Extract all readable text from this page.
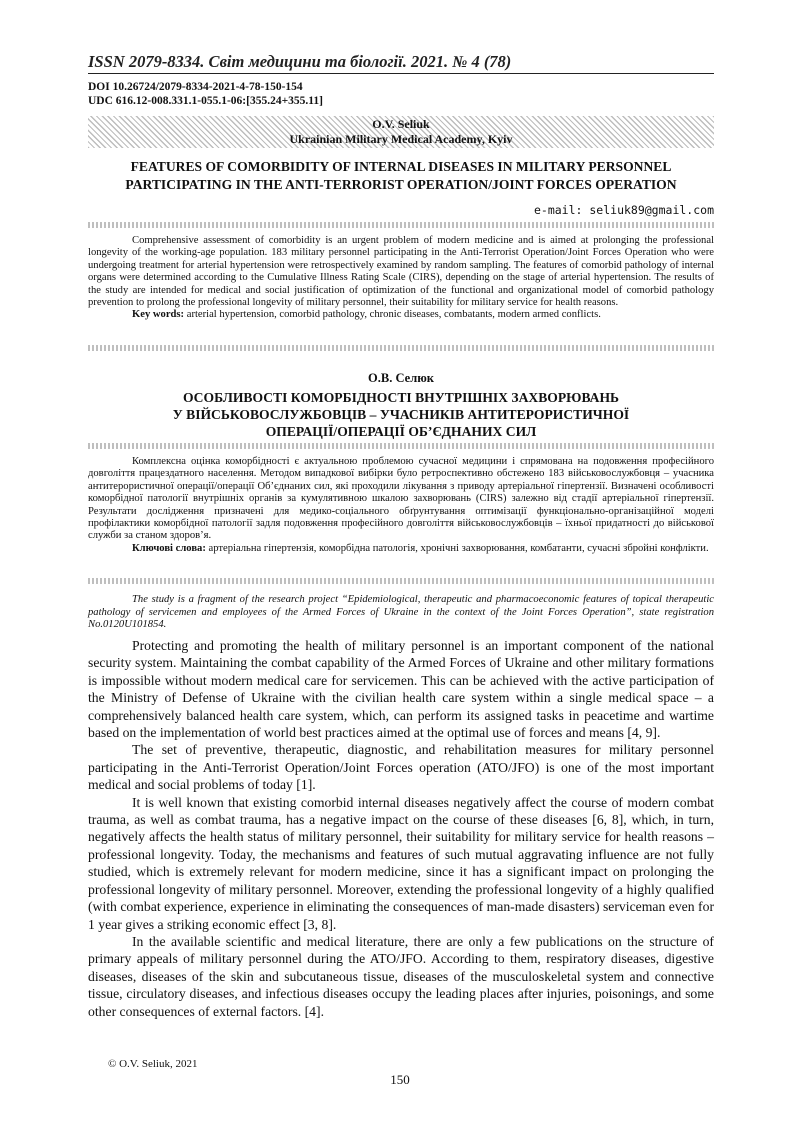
ISSN 2079-8334. Світ медицини та біології. 2021. № 4 (78)
DOI 10.26724/2079-8334-2021-4-78-150-154
UDC 616.12-008.331.1-055.1-06:[355.24+355.11]
O.V. Seliuk
Ukrainian Military Medical Academy, Kyiv
FEATURES OF COMORBIDITY OF INTERNAL DISEASES IN MILITARY PERSONNEL
PARTICIPATING IN THE ANTI-TERRORIST OPERATION/JOINT FORCES OPERATION
e-mail: seliuk89@gmail.com

Comprehensive assessment of comorbidity is an urgent problem of modern medicine and is aimed at prolonging the professional longevity of the working-age population. 183 military personnel participating in the Anti-Terrorist Operation/Joint Forces Operation who were undergoing treatment for arterial hypertension were retrospectively examined by random sampling. The features of comorbid pathology of internal organs were determined according to the Cumulative Illness Rating Scale (CIRS), depending on the stage of arterial hypertension. The results of the study are intended for medical and social justification of optimization of the functional and organizational model of comorbid pathology prevention to prolong the professional longevity of military personnel, their suitability for military service for health reasons.

Key words: arterial hypertension, comorbid pathology, chronic diseases, combatants, modern armed conflicts.

О.В. Селюк
ОСОБЛИВОСТІ КОМОРБІДНОСТІ ВНУТРІШНІХ ЗАХВОРЮВАНЬ
У ВІЙСЬКОВОСЛУЖБОВЦІВ – УЧАСНИКІВ АНТИТЕРОРИСТИЧНОЇ
ОПЕРАЦІЇ/ОПЕРАЦІЇ ОБ’ЄДНАНИХ СИЛ

Комплексна оцінка коморбідності є актуальною проблемою сучасної медицини і спрямована на подовження професійного довголіття працездатного населення. Методом випадкової вибірки було ретроспективно обстежено 183 військовослужбовця – учасника антитерористичної операції/операції Об’єднаних сил, які проходили лікування з приводу артеріальної гіпертензії. Визначені особливості коморбідної патології внутрішніх органів за кумулятивною шкалою захворювань (CIRS) залежно від стадії артеріальної гіпертензії. Результати дослідження призначені для медико-соціального обґрунтування оптимізації функціонально-організаційної моделі профілактики коморбідної патології задля подовження професійного довголіття військовослужбовців – їхньої придатності до військової служби за станом здоров’я.

Ключові слова: артеріальна гіпертензія, коморбідна патологія, хронічні захворювання, комбатанти, сучасні збройні конфлікти.

The study is a fragment of the research project “Epidemiological, therapeutic and pharmacoeconomic features of topical therapeutic pathology of servicemen and employees of the Armed Forces of Ukraine in the context of the Joint Forces Operation”, state registration No.0120U101854.

Protecting and promoting the health of military personnel is an important component of the national security system. Maintaining the combat capability of the Armed Forces of Ukraine and other military formations is impossible without modern medical care for servicemen. This can be achieved with the active participation of the Ministry of Defense of Ukraine with the civilian health care system within a single medical space – a comprehensively balanced health care system, which, can perform its assigned tasks in peacetime and wartime based on the implementation of world best practices aimed at the optimal use of forces and means [4, 9].

The set of preventive, therapeutic, diagnostic, and rehabilitation measures for military personnel participating in the Anti-Terrorist Operation/Joint Forces operation (ATO/JFO) is one of the most important medical and social problems of today [1].

It is well known that existing comorbid internal diseases negatively affect the course of modern combat trauma, as well as combat trauma, has a negative impact on the course of these diseases [6, 8], which, in turn, negatively affects the health status of military personnel, their suitability for military service for health reasons – professional longevity. Today, the mechanisms and features of such mutual aggravating influence are not fully studied, which is extremely relevant for modern medicine, since it has a significant impact on prolonging the professional longevity of military personnel. Moreover, extending the professional longevity of a highly qualified (with combat experience, experience in eliminating the consequences of man-made disasters) serviceman even for 1 year gives a striking economic effect [3, 8].

In the available scientific and medical literature, there are only a few publications on the structure of primary appeals of military personnel during the ATO/JFO. According to them, respiratory diseases, digestive diseases, diseases of the skin and subcutaneous tissue, diseases of the musculoskeletal system and connective tissue, circulatory diseases, and infectious diseases occupy the leading places after injuries, poisonings, and some other consequences of external factors. [4].

© O.V. Seliuk, 2021
150
